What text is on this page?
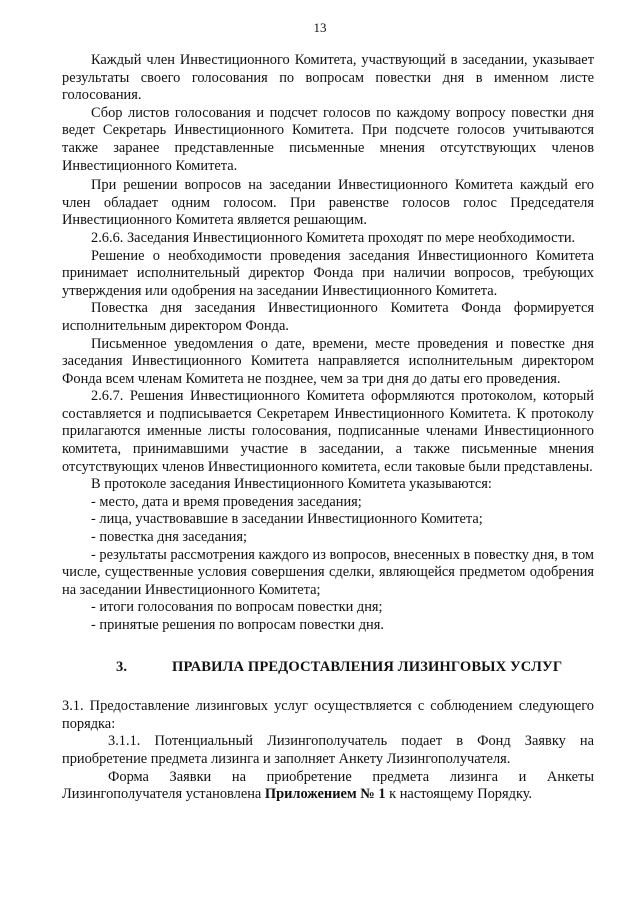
13

Каждый член Инвестиционного Комитета, участвующий в заседании, указывает результаты своего голосования по вопросам повестки дня в именном листе голосования.

Сбор листов голосования и подсчет голосов по каждому вопросу повестки дня ведет Секретарь Инвестиционного Комитета. При подсчете голосов учитываются также заранее представленные письменные мнения отсутствующих членов Инвестиционного Комитета.

При решении вопросов на заседании Инвестиционного Комитета каждый его член обладает одним голосом. При равенстве голосов голос Председателя Инвестиционного Комитета является решающим.

2.6.6. Заседания Инвестиционного Комитета проходят по мере необходимости.

Решение о необходимости проведения заседания Инвестиционного Комитета принимает исполнительный директор Фонда при наличии вопросов, требующих утверждения или одобрения на заседании Инвестиционного Комитета.

Повестка дня заседания Инвестиционного Комитета Фонда формируется исполнительным директором Фонда.

Письменное уведомления о дате, времени, месте проведения и повестке дня заседания Инвестиционного Комитета направляется исполнительным директором Фонда всем членам Комитета не позднее, чем за три дня до даты его проведения.

2.6.7. Решения Инвестиционного Комитета оформляются протоколом, который составляется и подписывается Секретарем Инвестиционного Комитета. К протоколу прилагаются именные листы голосования, подписанные членами Инвестиционного комитета, принимавшими участие в заседании, а также письменные мнения отсутствующих членов Инвестиционного комитета, если таковые были представлены.

В протоколе заседания Инвестиционного Комитета указываются:

- место, дата и время проведения заседания;

- лица, участвовавшие в заседании Инвестиционного Комитета;

- повестка дня заседания;

- результаты рассмотрения каждого из вопросов, внесенных в повестку дня, в том числе, существенные условия совершения сделки, являющейся предметом одобрения на заседании Инвестиционного Комитета;

- итоги голосования по вопросам повестки дня;

- принятые решения по вопросам повестки дня.

3.	ПРАВИЛА ПРЕДОСТАВЛЕНИЯ ЛИЗИНГОВЫХ УСЛУГ

3.1. Предоставление лизинговых услуг осуществляется с соблюдением следующего порядка:

3.1.1. Потенциальный Лизингополучатель подает в Фонд Заявку на приобретение предмета лизинга и заполняет Анкету Лизингополучателя.

Форма Заявки на приобретение предмета лизинга и Анкеты Лизингополучателя установлена Приложением № 1 к настоящему Порядку.
